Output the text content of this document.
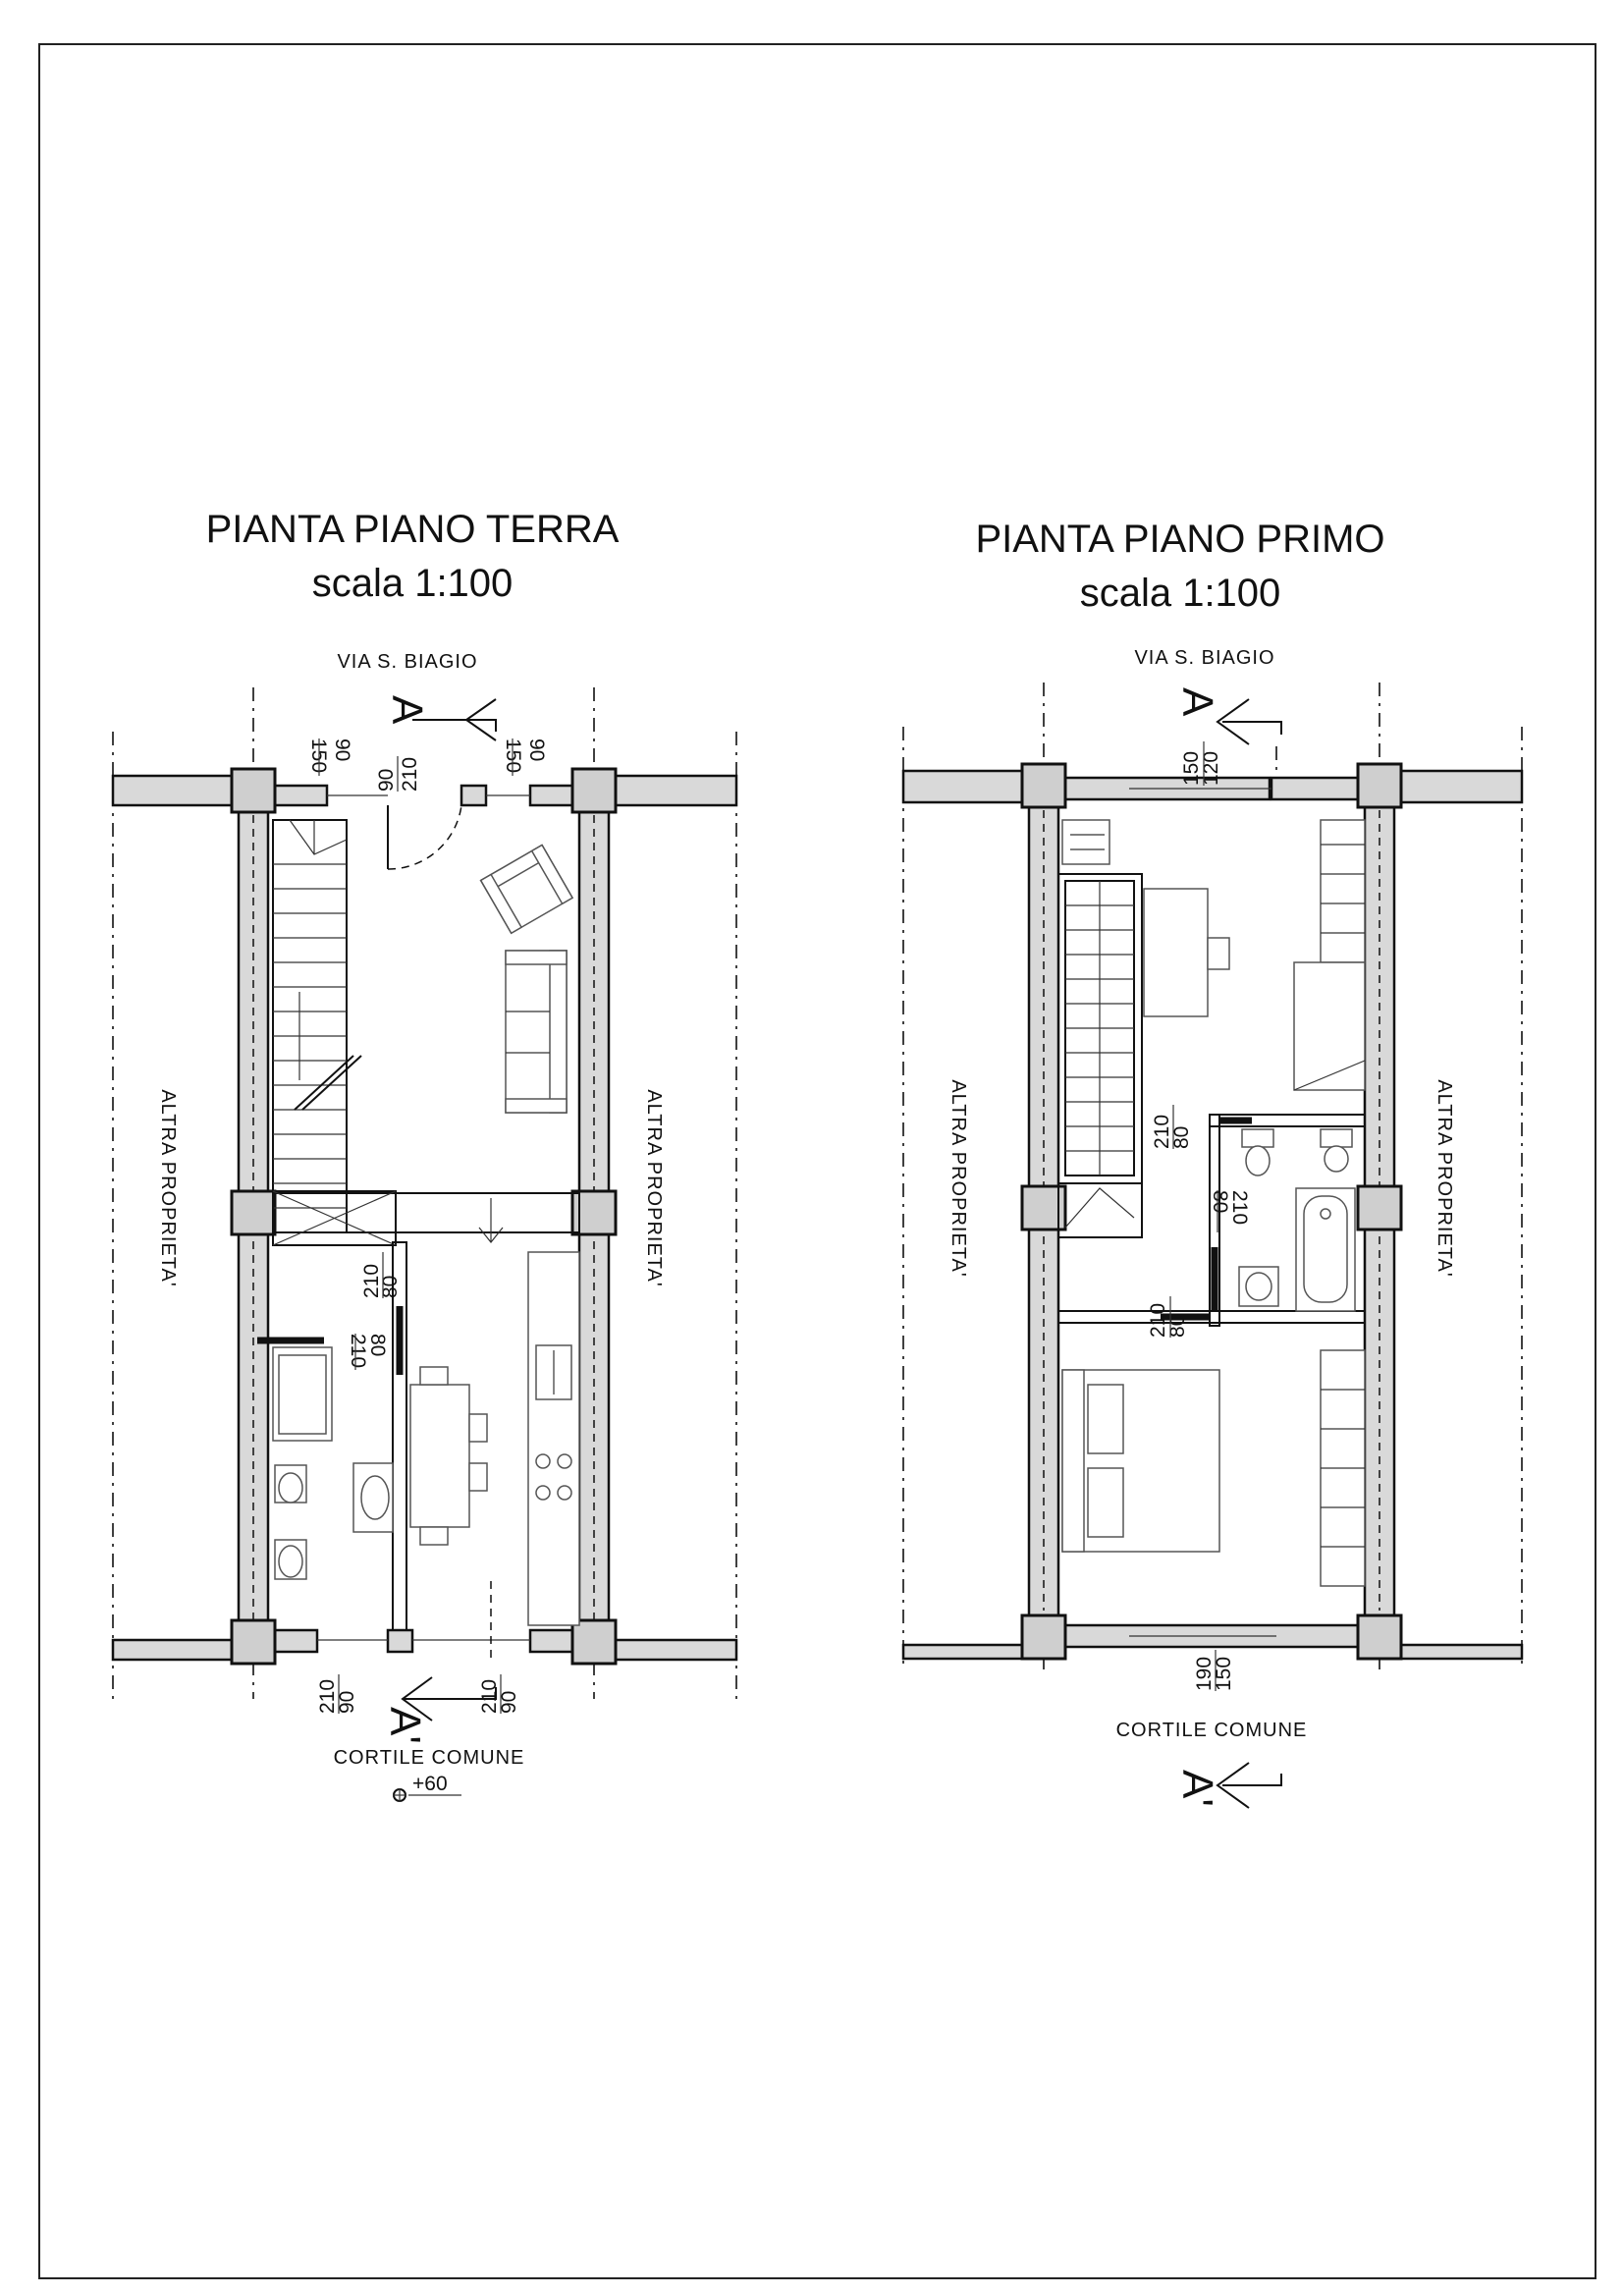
PIANTA PIANO TERRA
scala 1:100
VIA S. BIAGIO
ALTRA PROPRIETA'	ALTRA PROPRIETA'
90
150
90 210
90
150
80
210
80
210
90
210	90
210
A
A'
CORTILE COMUNE
+60
PIANTA PIANO PRIMO
scala 1:100
VIA S. BIAGIO
ALTRA PROPRIETA'	ALTRA PROPRIETA'
120
150
80
210
80
210
80
210
150
190
A
A'
CORTILE COMUNE
